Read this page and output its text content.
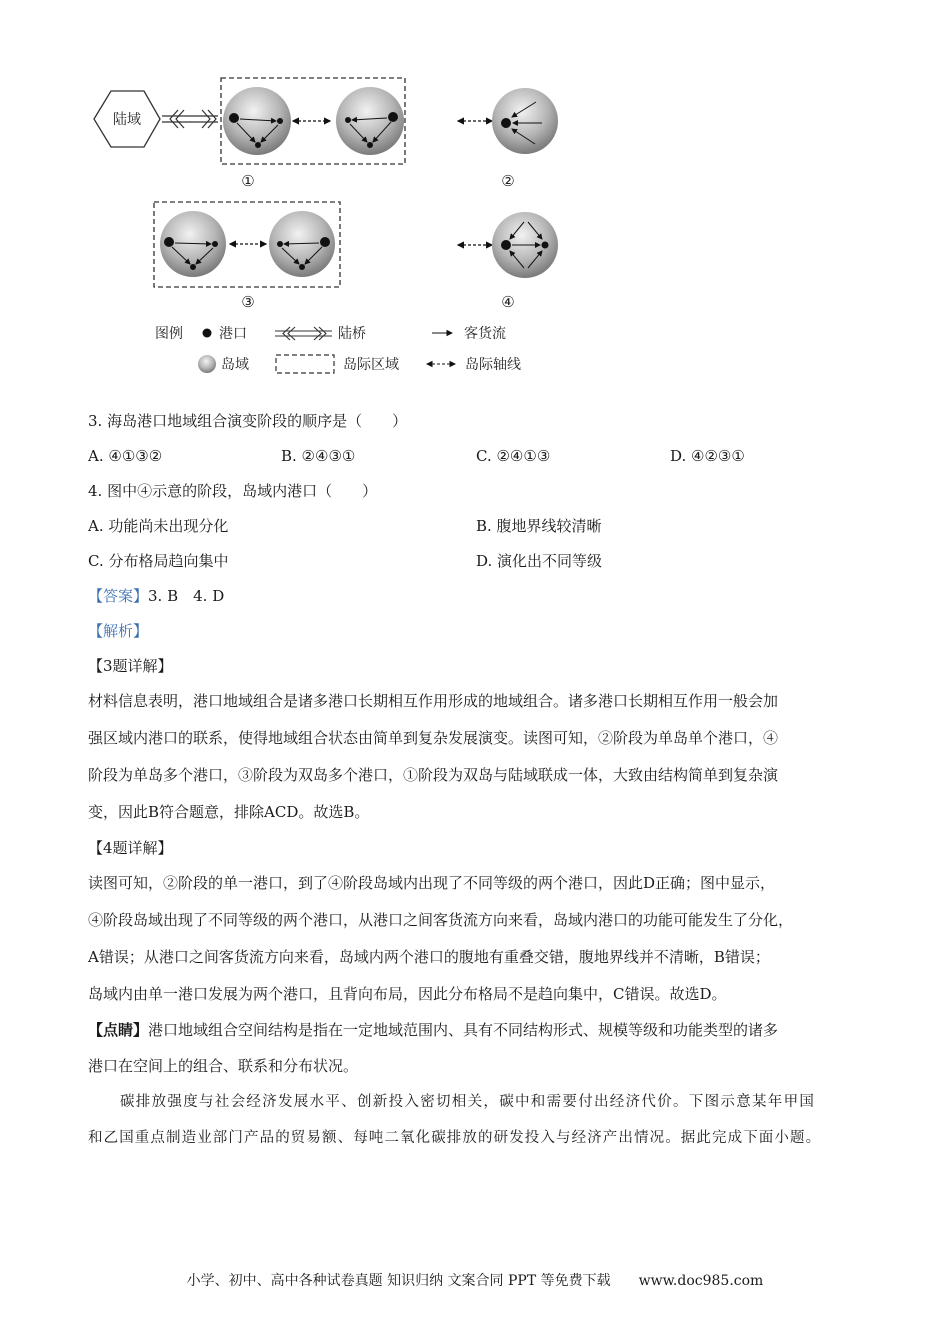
陆域
①	②
③	④
图例	港口	陆桥	客货流
岛域	岛际区域	岛际轴线
3. 海岛港口地域组合演变阶段的顺序是（　　）
A. ④①③②	B. ②④③①	C. ②④①③	D. ④②③①
4. 图中④示意的阶段，岛域内港口（　　）
A. 功能尚未出现分化	B. 腹地界线较清晰
C. 分布格局趋向集中	D. 演化出不同等级
【答案】3. B　4. D
【解析】
【3题详解】
材料信息表明，港口地域组合是诸多港口长期相互作用形成的地域组合。诸多港口长期相互作用一般会加
强区域内港口的联系，使得地域组合状态由简单到复杂发展演变。读图可知，②阶段为单岛单个港口，④
阶段为单岛多个港口，③阶段为双岛多个港口，①阶段为双岛与陆域联成一体，大致由结构简单到复杂演
变，因此B符合题意，排除ACD。故选B。
【4题详解】
读图可知，②阶段的单一港口，到了④阶段岛域内出现了不同等级的两个港口，因此D正确；图中显示，
④阶段岛域出现了不同等级的两个港口，从港口之间客货流方向来看，岛域内港口的功能可能发生了分化，
A错误；从港口之间客货流方向来看，岛域内两个港口的腹地有重叠交错，腹地界线并不清晰，B错误；
岛域内由单一港口发展为两个港口，且背向布局，因此分布格局不是趋向集中，C错误。故选D。
【点睛】港口地域组合空间结构是指在一定地域范围内、具有不同结构形式、规模等级和功能类型的诸多
港口在空间上的组合、联系和分布状况。
碳排放强度与社会经济发展水平、创新投入密切相关，碳中和需要付出经济代价。下图示意某年甲国
和乙国重点制造业部门产品的贸易额、每吨二氧化碳排放的研发投入与经济产出情况。据此完成下面小题。
小学、初中、高中各种试卷真题 知识归纳 文案合同 PPT 等免费下载　　www.doc985.com
